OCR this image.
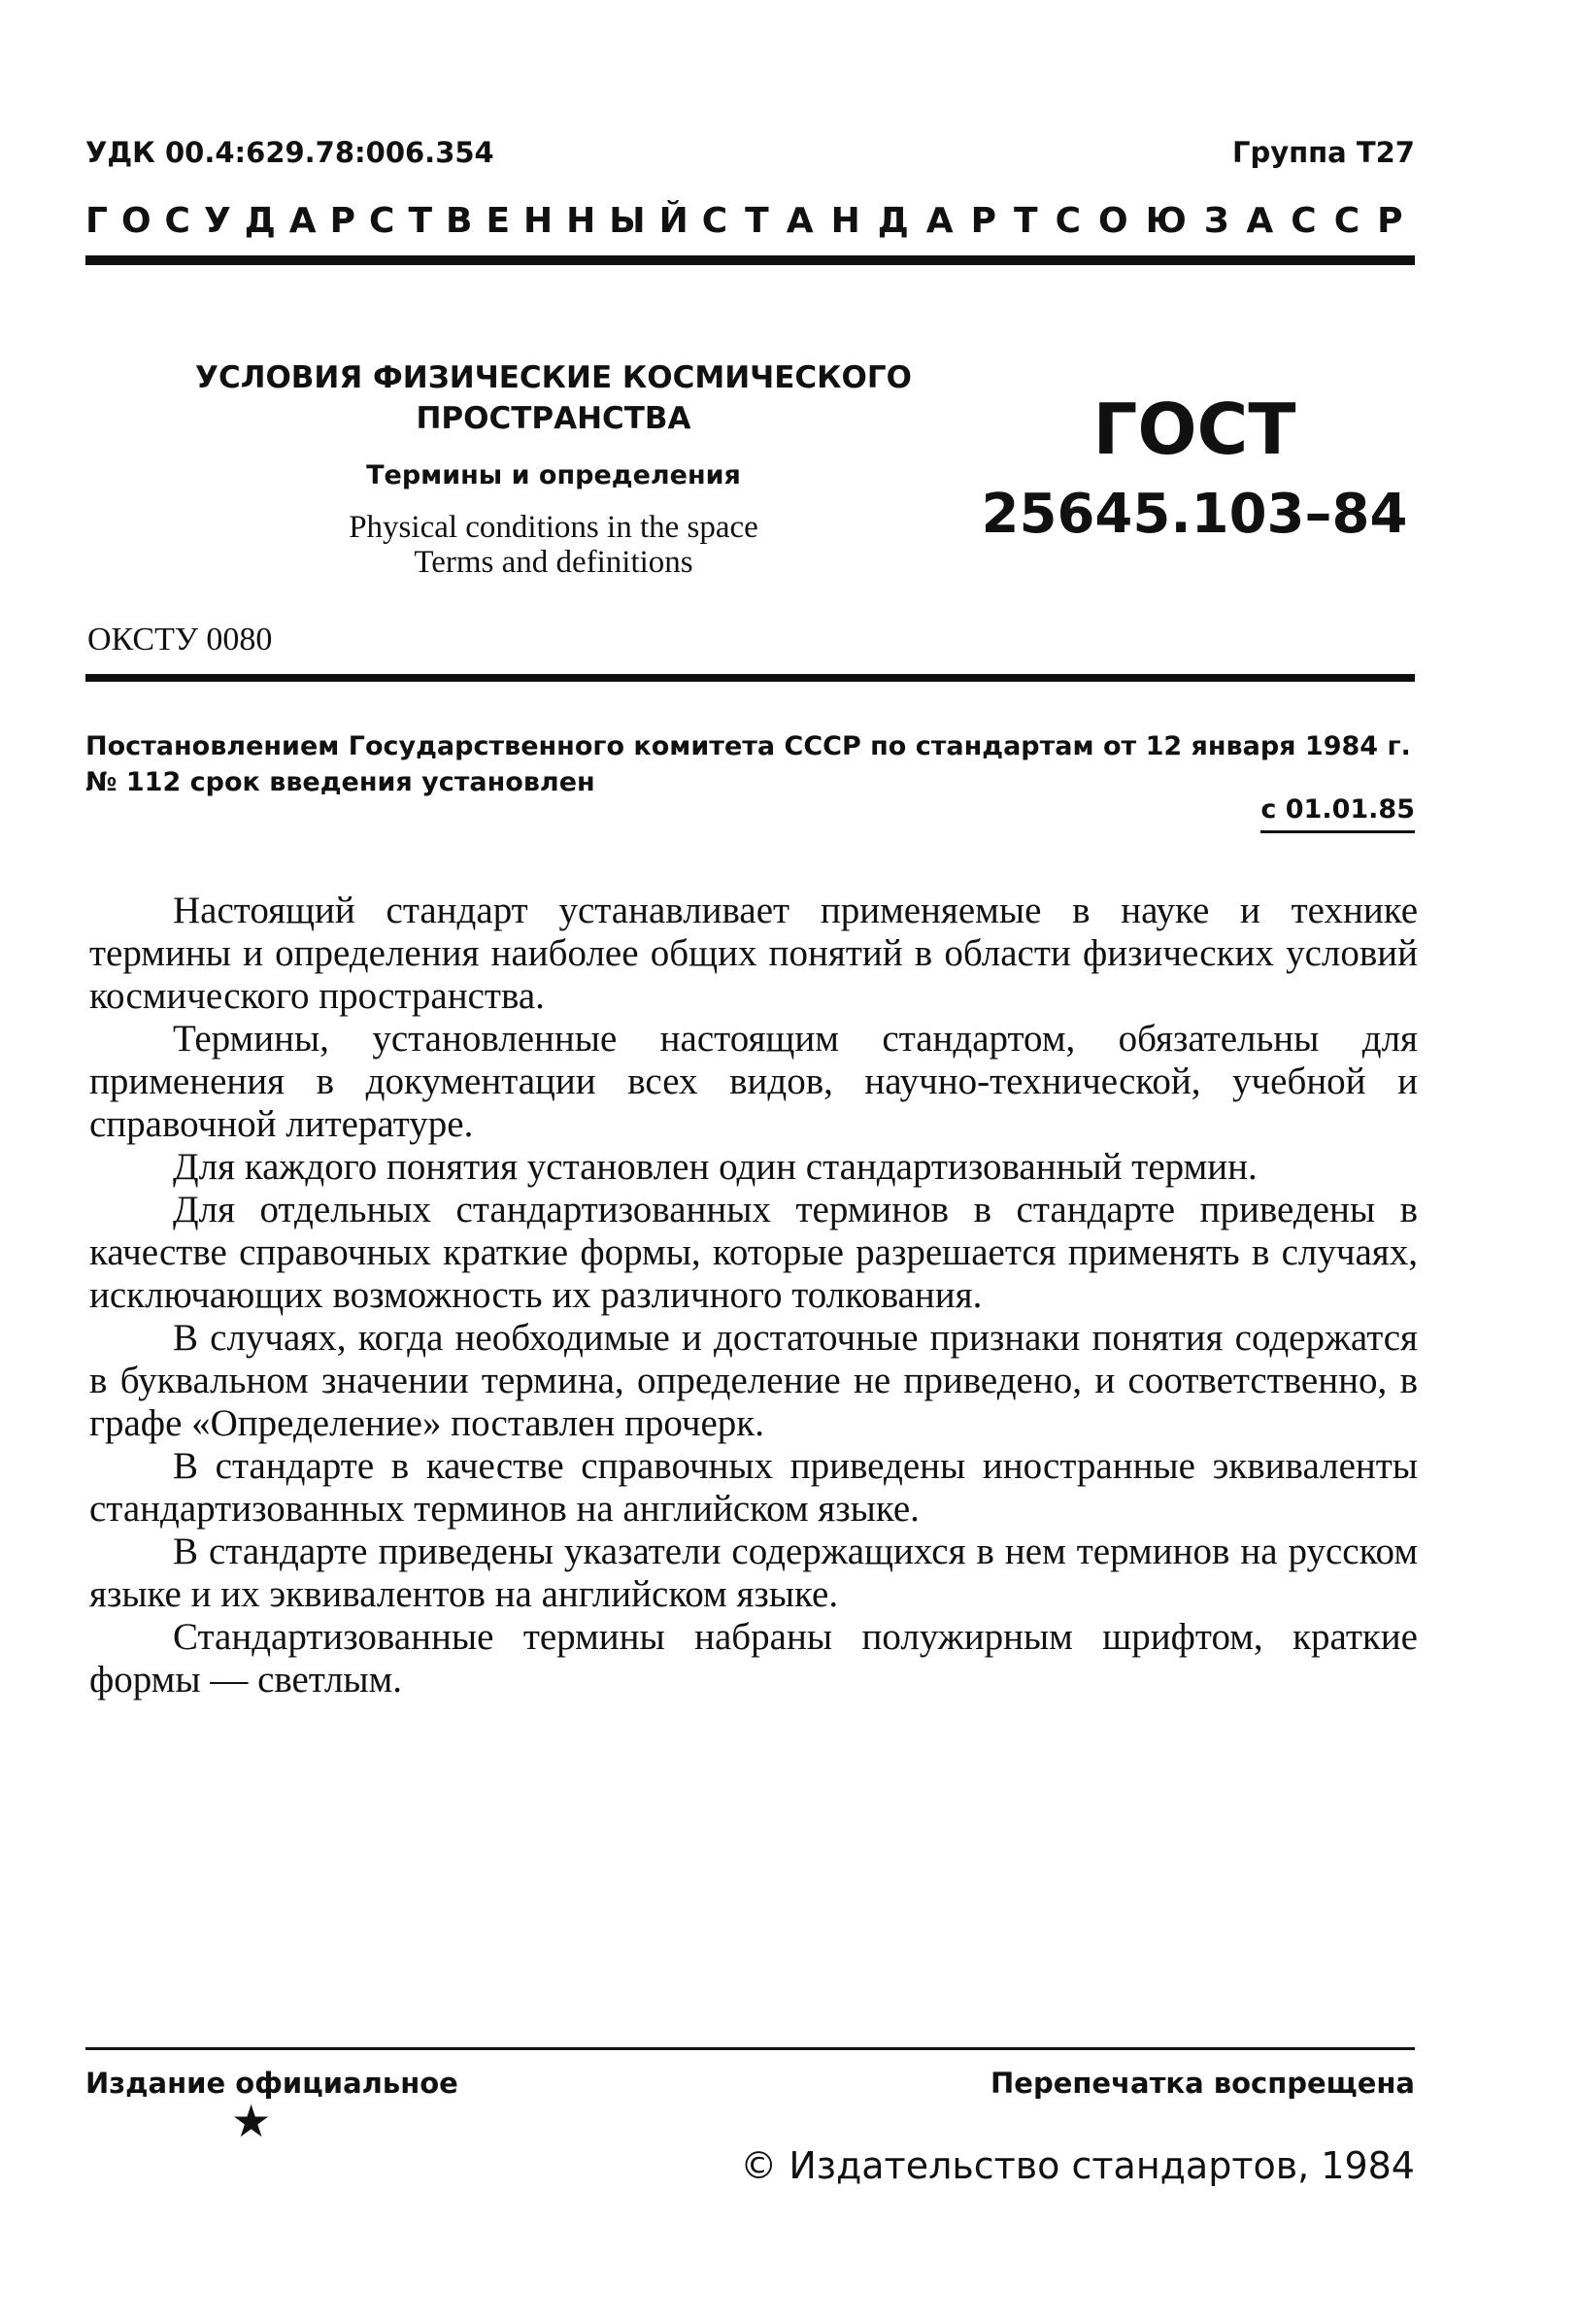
УДК 00.4:629.78:006.354	Группа Т27
ГОСУДАРСТВЕННЫЙ СТАНДАРТ СОЮЗА ССР
УСЛОВИЯ ФИЗИЧЕСКИЕ КОСМИЧЕСКОГО
ПРОСТРАНСТВА
Термины и определения
Physical conditions in the space
Terms and definitions
ГОСТ
25645.103–84
ОКСТУ 0080
Постановлением Государственного комитета СССР по стандартам от 12 января 1984 г. № 112 срок введения установлен
с 01.01.85

Настоящий стандарт устанавливает применяемые в науке и технике термины и определения наиболее общих понятий в области физических условий космического пространства.

Термины, установленные настоящим стандартом, обязательны для применения в документации всех видов, научно-технической, учебной и справочной литературе.

Для каждого понятия установлен один стандартизованный термин.

Для отдельных стандартизованных терминов в стандарте приведены в качестве справочных краткие формы, которые разрешается применять в случаях, исключающих возможность их различного толкования.

В случаях, когда необходимые и достаточные признаки понятия содержатся в буквальном значении термина, определение не приведено, и соответственно, в графе «Определение» поставлен прочерк.

В стандарте в качестве справочных приведены иностранные эквиваленты стандартизованных терминов на английском языке.

В стандарте приведены указатели содержащихся в нем терминов на русском языке и их эквивалентов на английском языке.

Стандартизованные термины набраны полужирным шрифтом, краткие формы — светлым.

Издание официальное
★
Перепечатка воспрещена
© Издательство стандартов, 1984
